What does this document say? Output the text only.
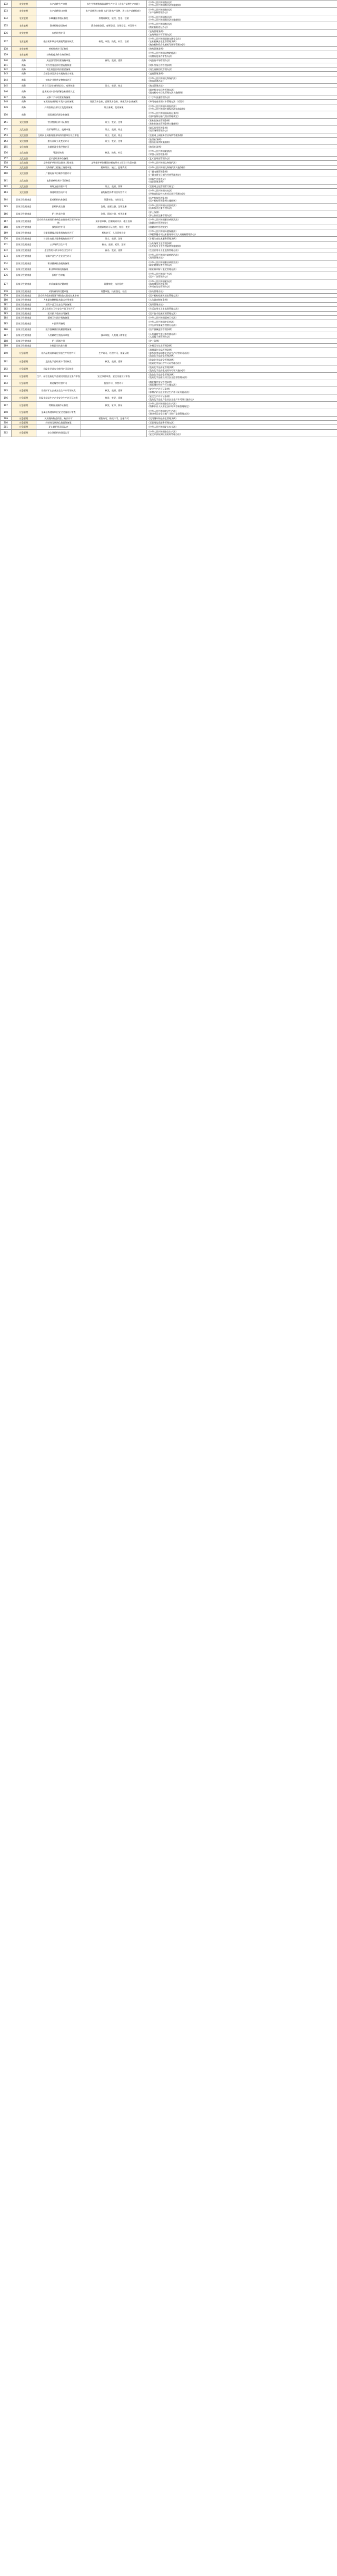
132	农业农村	水产苗种生产审批	水生生物增殖放流苗种生产许可（含水产苗种生产审批）	《中华人民共和国渔业法》
《中华人民共和国渔业法实施细则》

133	农业农村	水产苗种进口审批	水产苗种进口审批（含引进水产苗种、进口水产苗种检疫）	《中华人民共和国渔业法》
《水产苗种管理办法》

134	农业农村	水域滩涂养殖证核发	养殖证核发、延续、变更、注销	《中华人民共和国渔业法》
《中华人民共和国渔业法实施细则》

135	农业农村	渔业船舶登记核准	渔业船舶登记、变更登记、注销登记、补发证书	《中华人民共和国渔业法》
《渔业船舶登记办法》

136	农业农村	农药经营许可		《农药管理条例》
《农药经营许可管理办法》

137	农业农村	拖拉机和联合收割机驾驶证核发	核发、审验、换发、补发、注销	《中华人民共和国道路交通安全法》
《农业机械安全监督管理条例》
《拖拉机和联合收割机驾驶证管理办法》

138	农业农村	兽药经营许可证核发		《兽药管理条例》

139	农业农村	动物防疫条件合格证核发		《中华人民共和国动物防疫法》
《动物防疫条件审查办法》

140	商务	成品油零售经营资格审批	新设、变更、延续	《成品油市场管理办法》

141	商务	对外劳务合作经营资格核准		《对外劳务合作管理条例》

142	商务	再生资源回收经营者备案		《再生资源回收管理办法》

143	商务	直销企业及其分支机构设立审批		《直销管理条例》

144	商务	拍卖企业经营文物拍卖许可		《中华人民共和国文物保护法》
《拍卖管理办法》

145	商务	典当行及分支机构设立、变更核准	设立、变更、终止	《典当管理办法》

146	商务	报废机动车回收拆解企业资质认定		《报废机动车回收管理办法》
《报废机动车回收管理办法实施细则》

147	商务	从事二手车经营业务备案		《二手车流通管理办法》

148	商务	单用途商业预付卡发卡企业备案	集团发卡企业、品牌发卡企业、规模发卡企业备案	《单用途商业预付卡管理办法（试行）》

149	商务	外商投资企业设立及变更备案	设立备案、变更备案	《中华人民共和国外商投资法》
《中华人民共和国外商投资法实施条例》

150	商务	国际货运代理企业备案		《中华人民共和国国际海运条例》
《国际货物运输代理业管理规定》

151	文化旅游	营业性演出许可证核发	设立、变更、注销	《营业性演出管理条例》
《营业性演出管理条例实施细则》

152	文化旅游	娱乐场所设立、变更审批	设立、变更、终止	《娱乐场所管理条例》
《娱乐场所管理办法》

153	文化旅游	互联网上网服务营业场所经营单位设立审批	设立、变更、终止	《互联网上网服务营业场所管理条例》

154	文化旅游	旅行社设立及变更许可	设立、变更、注销	《旅行社条例》
《旅行社条例实施细则》

155	文化旅游	出境旅游业务经营许可		《旅行社条例》

156	文化旅游	导游证核发	核发、换发、补发	《中华人民共和国旅游法》
《导游人员管理条例》

157	文化旅游	艺术品经营单位备案		《艺术品经营管理办法》

158	文化旅游	文物保护单位周边建设工程审批	文物保护单位建设控制地带内工程设计方案审批	《中华人民共和国文物保护法》

159	文化旅游	文物保护工程施工资质审批	勘察设计、施工、监理资质	《中华人民共和国文物保护法实施条例》

160	文化旅游	广播电视节目制作经营许可		《广播电视管理条例》
《广播电视节目制作经营管理规定》

161	文化旅游	电影放映经营许可证核发		《电影产业促进法》
《电影管理条例》

162	文化旅游	网络文化经营许可	设立、变更、续期	《互联网文化管理暂行规定》

163	文化旅游	体育经营活动许可	高危险性体育项目经营许可	《中华人民共和国体育法》
《经营高危险性体育项目许可管理办法》

164	国家卫生健康委	医疗机构执业登记	设置审批、执业登记	《医疗机构管理条例》
《医疗机构管理条例实施细则》

165	国家卫生健康委	医师执业注册	注册、变更注册、注销注册	《中华人民共和国执业医师法》
《医师执业注册管理办法》

166	国家卫生健康委	护士执业注册	注册、延续注册、变更注册	《护士条例》
《护士执业注册管理办法》

167	国家卫生健康委	医疗机构放射性职业病危害建设项目预评价审核	预评价审核、控制效果评价、竣工验收	《中华人民共和国职业病防治法》
《放射诊疗管理规定》

168	国家卫生健康委	放射诊疗许可	放射诊疗许可证核发、校验、变更	《放射诊疗管理规定》

169	国家卫生健康委	母婴保健技术服务机构执业许可	机构许可、人员资格认定	《中华人民共和国母婴保健法》
《母婴保健专项技术服务许可及人员资格管理办法》

170	国家卫生健康委	计划生育技术服务机构执业许可	设立、变更、注销	《计划生育技术服务管理条例》

171	国家卫生健康委	公共场所卫生许可	新办、变更、延续、注销	《公共场所卫生管理条例》
《公共场所卫生管理条例实施细则》

172	国家卫生健康委	生活饮用水供水单位卫生许可	新办、变更、延续	《生活饮用水卫生监督管理办法》

173	国家卫生健康委	消毒产品生产企业卫生许可		《中华人民共和国传染病防治法》
《消毒管理办法》

174	国家卫生健康委	职业健康检查机构备案		《中华人民共和国职业病防治法》
《职业健康检查管理办法》

175	国家卫生健康委	职业病诊断机构备案		《职业病诊断与鉴定管理办法》

176	国家卫生健康委	医疗广告审查		《中华人民共和国广告法》
《医疗广告管理办法》

177	国家卫生健康委	单采血浆站设置审批	设置审批、执业验收	《中华人民共和国献血法》
《血液制品管理条例》
《单采血浆站管理办法》

178	国家卫生健康委	采供血机构设置审批	设置审批、执业登记、校验	《血站管理办法》

179	国家卫生健康委	医疗机构临床基因扩增检验实验室技术审核		《医疗机构临床实验室管理办法》

180	国家卫生健康委	人体器官移植技术临床应用审批		《人体器官移植条例》

181	国家卫生健康委	消毒产品卫生安全评价备案		《消毒管理办法》

182	国家卫生健康委	涉及饮用水卫生安全产品卫生许可		《生活饮用水卫生监督管理办法》

183	国家卫生健康委	医疗技术临床应用备案		《医疗技术临床应用管理办法》

184	国家卫生健康委	精神卫生医疗机构备案		《中华人民共和国精神卫生法》

185	国家卫生健康委	中医诊所备案		《中华人民共和国中医药法》
《中医诊所备案管理暂行办法》

186	国家卫生健康委	医疗器械使用质量管理备案		《医疗器械监督管理条例》

187	国家卫生健康委	人类辅助生殖技术审批	技术审批、人类精子库审批	《人类辅助生殖技术管理办法》
《人类精子库管理办法》

188	国家卫生健康委	护士延续注册		《护士条例》

189	国家卫生健康委	乡村医生执业注册		《乡村医生从业管理条例》

190	应急管理	非药品类易制毒化学品生产经营许可	生产许可、经营许可、备案证明	《易制毒化学品管理条例》
《非药品类易制毒化学品生产经营许可办法》
《危险化学品安全管理条例》

191	应急管理	危险化学品经营许可证核发	核发、变更、延期	《危险化学品安全管理条例》
《危险化学品经营许可证管理办法》

192	应急管理	危险化学品安全使用许可证核发		《危险化学品安全管理条例》
《危险化学品安全使用许可证实施办法》

193	应急管理	生产、储存危险化学品建设项目安全条件审查	安全条件审查、安全设施设计审查	《危险化学品安全管理条例》
《危险化学品建设项目安全监督管理办法》

194	应急管理	烟花爆竹经营许可	批发许可、零售许可	《烟花爆竹安全管理条例》
《烟花爆竹经营许可实施办法》

195	应急管理	非煤矿矿山企业安全生产许可证核发	核发、变更、延期	《安全生产许可证条例》
《非煤矿矿山企业安全生产许可证实施办法》

196	应急管理	危险化学品生产企业安全生产许可证核发	核发、变更、延期	《安全生产许可证条例》
《危险化学品生产企业安全生产许可证实施办法》

197	应急管理	特种作业操作证核发	核发、复审、换证	《中华人民共和国安全生产法》
《特种作业人员安全技术培训考核管理规定》

198	应急管理	金属冶炼建设项目安全设施设计审查		《中华人民共和国安全生产法》
《建设项目安全设施“三同时”监督管理办法》

199	应急管理	民用爆炸物品销售、购买许可	销售许可、购买许可、运输许可	《民用爆炸物品安全管理条例》

200	应急管理	经营性互联网信息服务备案		《互联网信息服务管理办法》

201	应急管理	矿山救护队资质认定		《中华人民共和国矿山安全法》

202	应急管理	安全评价机构资质认可		《中华人民共和国安全生产法》
《安全评价检测检验机构管理办法》
